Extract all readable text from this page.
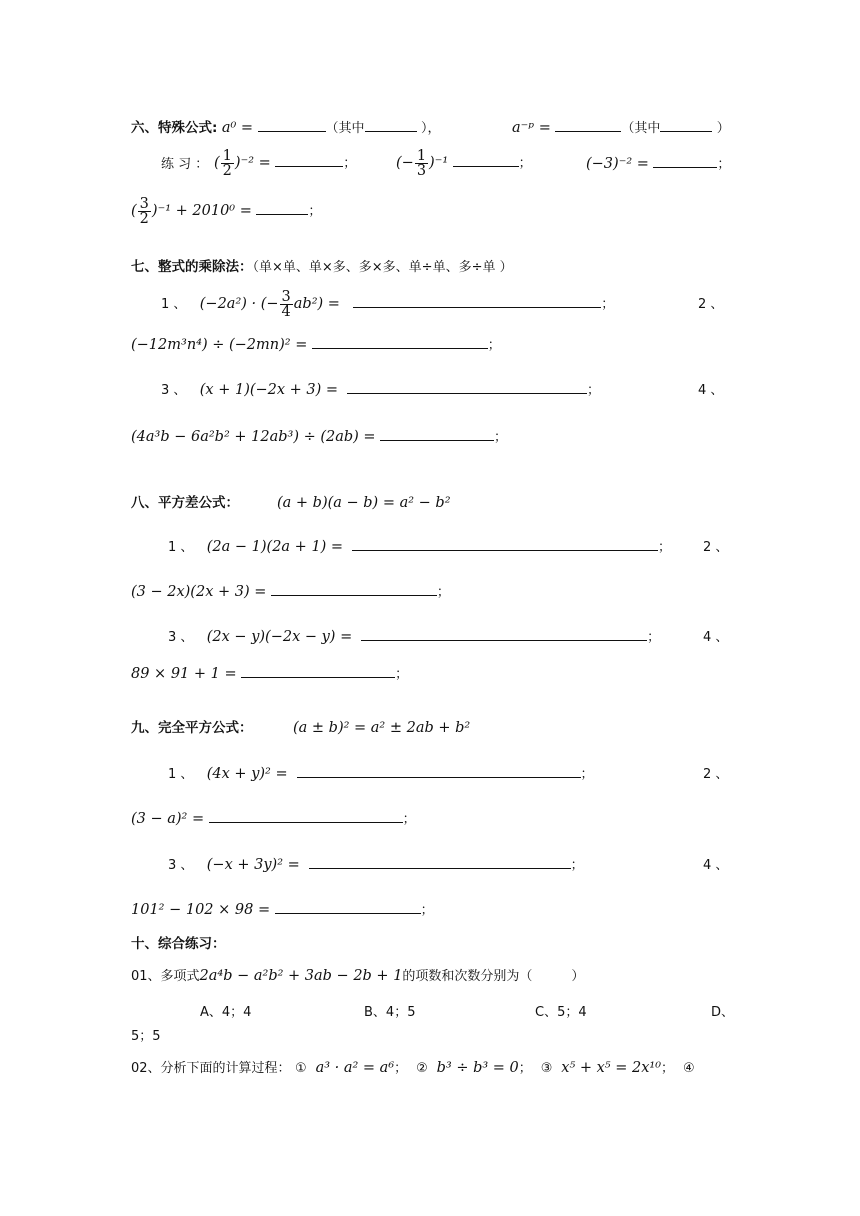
六、特殊公式: a⁰ =	（其中	），	a⁻ᵖ =	（其中	）
练 习 ： ( $\frac{1}{2} )^{-2}$ =	；	(− $\frac{1}{3} )^{-1}$	；	(−3)⁻² =	；
( $\frac{3}{2} )^{-1} + 2010^0$ =	；
七、整式的乘除法：（单×单、单×多、多×多、单÷单、多÷单 ）
1 、 (−2a²) · (− $\frac{3}{4} ab^2$) =	；	2 、
(−12m³n⁴) ÷ (−2mn)² =	；
3 、 (x + 1)(−2x + 3) =	；	4 、
(4a³b − 6a²b² + 12ab³) ÷ (2ab) =	；
八、平方差公式：	(a + b)(a − b) = a² − b²
1 、 (2a − 1)(2a + 1) =	； 2 、
(3 − 2x)(2x + 3) =	；
3 、 (2x − y)(−2x − y) =	；	4 、
89 × 91 + 1 =	；
九、完全平方公式：	(a ± b)² = a² ± 2ab + b²
1 、 (4x + y)² =	；	2 、
(3 − a)² =	；
3 、 (−x + 3y)² =	；	4 、
101² − 102 × 98 =	；
十、综合练习：
01、多项式2a⁴b − a²b² + 3ab − 2b + 1的项数和次数分别为（　　　）
A、4；4	B、4；5	C、5；4	D、
5；5
02、分析下面的计算过程： ① a³ · a² = a⁶； ② b³ ÷ b³ = 0； ③ x⁵ + x⁵ = 2x¹⁰； ④
